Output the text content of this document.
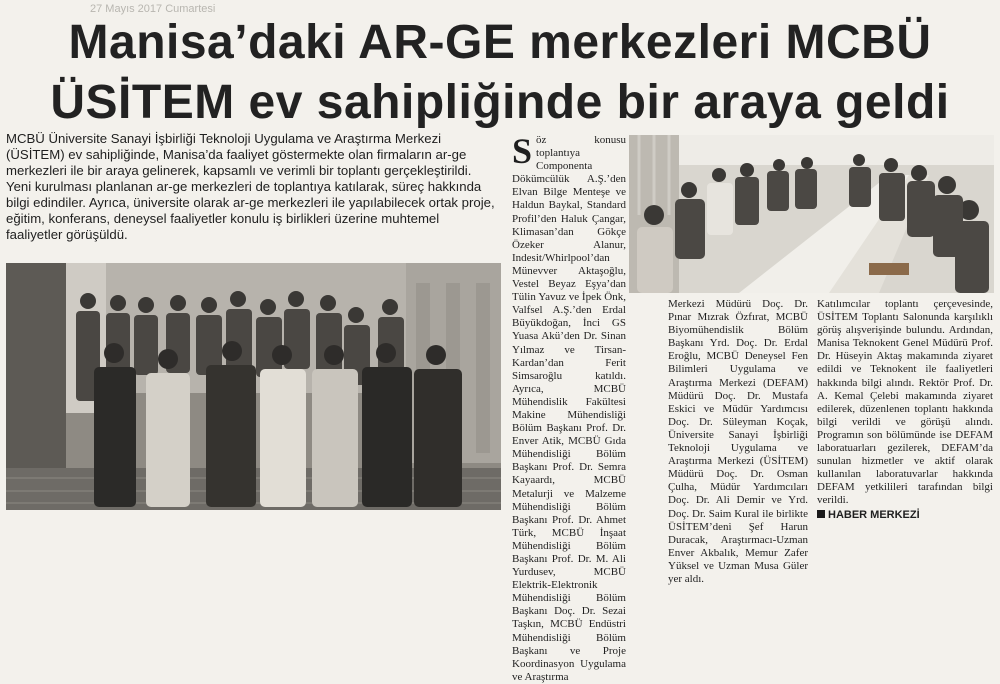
27 Mayıs 2017 Cumartesi
Manisa’daki AR-GE merkezleri MCBÜ
ÜSİTEM ev sahipliğinde bir araya geldi

MCBÜ Üniversite Sanayi İşbirliği Teknoloji Uygulama ve Araştırma Merkezi (ÜSİTEM) ev sahipliğinde, Manisa’da faaliyet göstermekte olan firmaların ar-ge merkezleri ile bir araya gelinerek, kapsamlı ve verimli bir toplantı gerçekleştirildi. Yeni kurulması planlanan ar-ge merkezleri de toplantıya katılarak, süreç hakkında bilgi edindiler. Ayrıca, üniversite olarak ar-ge merkezleri ile yapılabilecek ortak proje, eğitim, konferans, deneysel faaliyetler konulu iş birlikleri üzerine muhtemel faaliyetler görüşüldü.

Söz konusu toplantıya Componenta Dökümcülük A.Ş.’den Elvan Bilge Menteşe ve Haldun Baykal, Standard Profil’den Haluk Çangar, Klimasan’dan Gökçe Özeker Alanur, Indesit/Whirlpool’dan Münevver Aktaşoğlu, Vestel Beyaz Eşya’dan Tülin Yavuz ve İpek Önk, Valfsel A.Ş.’den Erdal Büyükdoğan, İnci GS Yuasa Akü’den Dr. Sinan Yılmaz ve Tirsan-Kardan’dan Ferit Simsaroğlu katıldı. Ayrıca, MCBÜ Mühendislik Fakültesi Makine Mühendisliği Bölüm Başkanı Prof. Dr. Enver Atik, MCBÜ Gıda Mühendisliği Bölüm Başkanı Prof. Dr. Semra Kayaardı, MCBÜ Metalurji ve Malzeme Mühendisliği Bölüm Başkanı Prof. Dr. Ahmet Türk, MCBÜ İnşaat Mühendisliği Bölüm Başkanı Prof. Dr. M. Ali Yurdusev, MCBÜ Elektrik-Elektronik Mühendisliği Bölüm Başkanı Doç. Dr. Sezai Taşkın, MCBÜ Endüstri Mühendisliği Bölüm Başkanı ve Proje Koordinasyon Uygulama ve Araştırma

Merkezi Müdürü Doç. Dr. Pınar Mızrak Özfırat, MCBÜ Biyomühendislik Bölüm Başkanı Yrd. Doç. Dr. Erdal Eroğlu, MCBÜ Deneysel Fen Bilimleri Uygulama ve Araştırma Merkezi (DEFAM) Müdürü Doç. Dr. Mustafa Eskici ve Müdür Yardımcısı Doç. Dr. Süleyman Koçak, Üniversite Sanayi İşbirliği Teknoloji Uygulama ve Araştırma Merkezi (ÜSİTEM) Müdürü Doç. Dr. Osman Çulha, Müdür Yardımcıları Doç. Dr. Ali Demir ve Yrd. Doç. Dr. Saim Kural ile birlikte ÜSİTEM’deni Şef Harun Duracak, Araştırmacı-Uzman Enver Akbalık, Memur Zafer Yüksel ve Uzman Musa Güler yer aldı.

Katılımcılar toplantı çerçevesinde, ÜSİTEM Toplantı Salonunda karşılıklı görüş alışverişinde bulundu. Ardından, Manisa Teknokent Genel Müdürü Prof. Dr. Hüseyin Aktaş makamında ziyaret edildi ve Teknokent ile faaliyetleri hakkında bilgi alındı. Rektör Prof. Dr. A. Kemal Çelebi makamında ziyaret edilerek, düzenlenen toplantı hakkında bilgi verildi ve görüşü alındı. Programın son bölümünde ise DEFAM laboratuarları gezilerek, DEFAM’da sunulan hizmetler ve aktif olarak kullanılan laboratuvarlar hakkında DEFAM yetkilileri tarafından bilgi verildi.

HABER MERKEZİ
